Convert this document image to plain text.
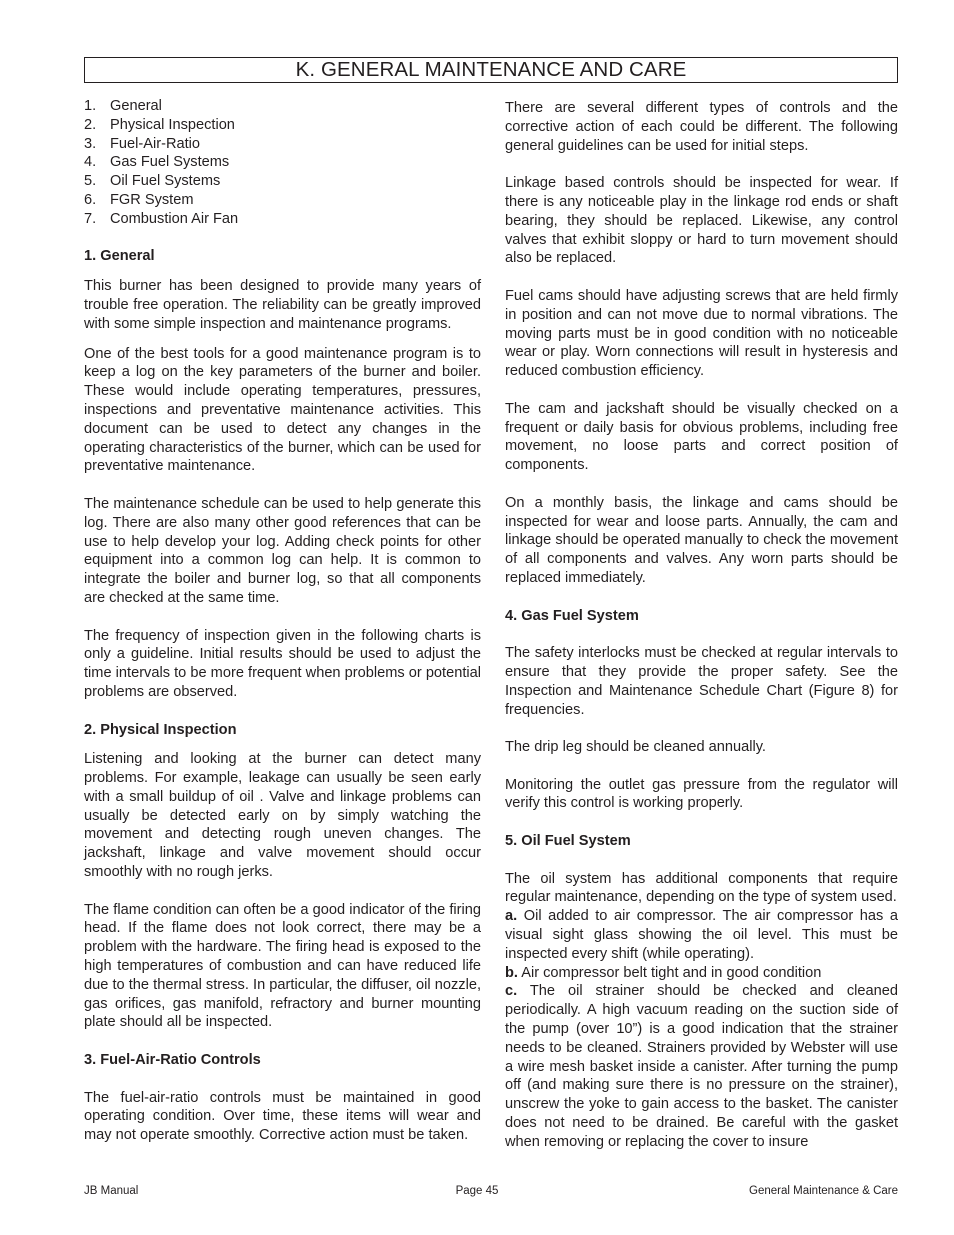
K. GENERAL MAINTENANCE AND CARE
1. General
2. Physical Inspection
3. Fuel-Air-Ratio
4. Gas Fuel Systems
5. Oil Fuel Systems
6. FGR System
7. Combustion Air Fan

1. General

This burner has been designed to provide many years of trouble free operation. The reliability can be greatly improved with some simple inspection and maintenance programs.

One of the best tools for a good maintenance program is to keep a log on the key parameters of the burner and boiler. These would include operating temperatures, pressures, inspections and preventative maintenance activities. This document can be used to detect any changes in the operating characteristics of the burner, which can be used for preventative maintenance.

The maintenance schedule can be used to help generate this log. There are also many other good references that can be use to help develop your log. Adding check points for other equipment into a common log can help. It is common to integrate the boiler and burner log, so that all components are checked at the same time.

The frequency of inspection given in the following charts is only a guideline. Initial results should be used to adjust the time intervals to be more frequent when problems or potential problems are observed.

2. Physical Inspection

Listening and looking at the burner can detect many problems. For example, leakage can usually be seen early with a small buildup of oil . Valve and linkage problems can usually be detected early on by simply watching the movement and detecting rough uneven changes. The jackshaft, linkage and valve movement should occur smoothly with no rough jerks.

The flame condition can often be a good indicator of the firing head. If the flame does not look correct, there may be a problem with the hardware. The firing head is exposed to the high temperatures of combustion and can have reduced life due to the thermal stress. In particular, the diffuser, oil nozzle, gas orifices, gas manifold, refractory and burner mounting plate should all be inspected.

3. Fuel-Air-Ratio Controls

The fuel-air-ratio controls must be maintained in good operating condition. Over time, these items will wear and may not operate smoothly. Corrective action must be taken.

There are several different types of controls and the corrective action of each could be different. The following general guidelines can be used for initial steps.

Linkage based controls should be inspected for wear. If there is any noticeable play in the linkage rod ends or shaft bearing, they should be replaced. Likewise, any control valves that exhibit sloppy or hard to turn movement should also be replaced.

Fuel cams should have adjusting screws that are held firmly in position and can not move due to normal vibrations. The moving parts must be in good condition with no noticeable wear or play. Worn connections will result in hysteresis and reduced combustion efficiency.

The cam and jackshaft should be visually checked on a frequent or daily basis for obvious problems, including free movement, no loose parts and correct position of components.

On a monthly basis, the linkage and cams should be inspected for wear and loose parts. Annually, the cam and linkage should be operated manually to check the movement of all components and valves. Any worn parts should be replaced immediately.

4. Gas Fuel System

The safety interlocks must be checked at regular intervals to ensure that they provide the proper safety. See the Inspection and Maintenance Schedule Chart (Figure 8) for frequencies.

The drip leg should be cleaned annually.

Monitoring the outlet gas pressure from the regulator will verify this control is working properly.

5. Oil Fuel System

The oil system has additional components that require regular maintenance, depending on the type of system used.

a. Oil added to air compressor. The air compressor has a visual sight glass showing the oil level. This must be inspected every shift (while operating).

b. Air compressor belt tight and in good condition

c. The oil strainer should be checked and cleaned periodically. A high vacuum reading on the suction side of the pump (over 10”) is a good indication that the strainer needs to be cleaned. Strainers provided by Webster will use a wire mesh basket inside a canister. After turning the pump off (and making sure there is no pressure on the strainer), unscrew the yoke to gain access to the basket. The canister does not need to be drained. Be careful with the gasket when removing or replacing the cover to insure

JB Manual	Page 45	General Maintenance & Care
